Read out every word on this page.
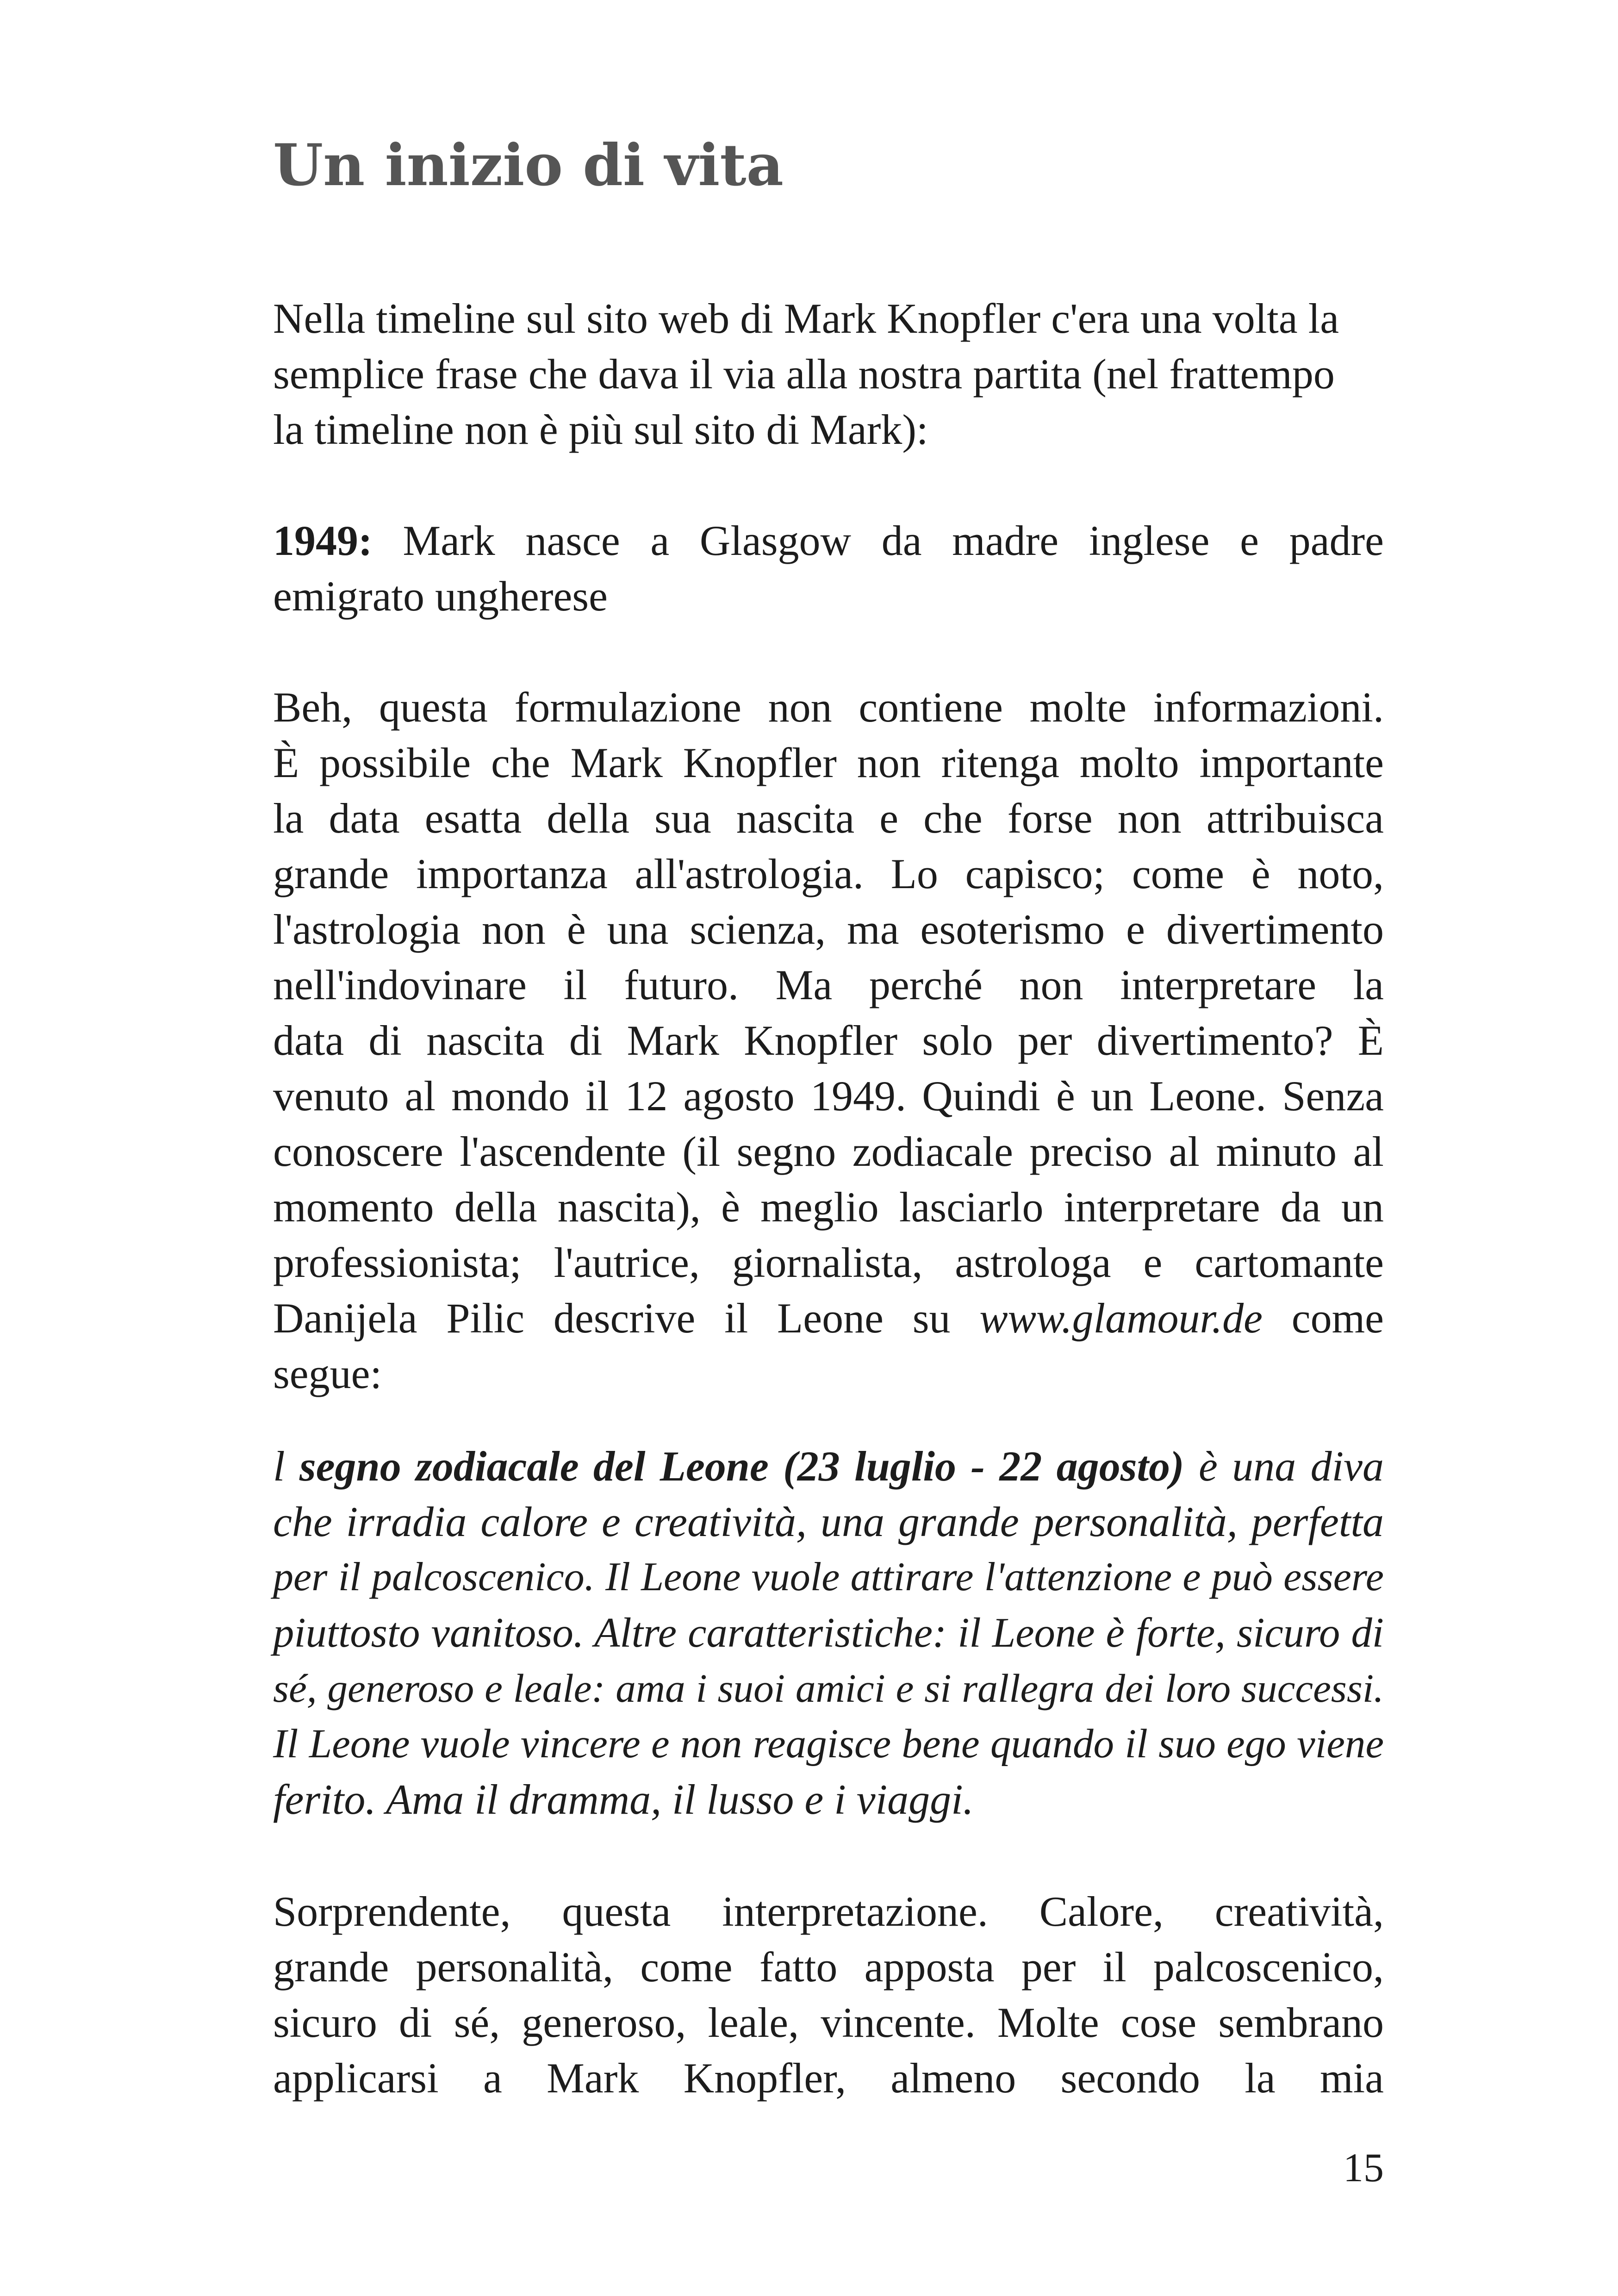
Un inizio di vita

Nella timeline sul sito web di Mark Knopfler c'era una volta la
semplice frase che dava il via alla nostra partita (nel frattempo
la timeline non è più sul sito di Mark):

1949: Mark nasce a Glasgow da madre inglese e padre
emigrato ungherese

Beh, questa formulazione non contiene molte informazioni.
È possibile che Mark Knopfler non ritenga molto importante
la data esatta della sua nascita e che forse non attribuisca
grande importanza all'astrologia. Lo capisco; come è noto,
l'astrologia non è una scienza, ma esoterismo e divertimento
nell'indovinare il futuro. Ma perché non interpretare la
data di nascita di Mark Knopfler solo per divertimento? È
venuto al mondo il 12 agosto 1949. Quindi è un Leone. Senza
conoscere l'ascendente (il segno zodiacale preciso al minuto al
momento della nascita), è meglio lasciarlo interpretare da un
professionista; l'autrice, giornalista, astrologa e cartomante
Danijela Pilic descrive il Leone su www.glamour.de come
segue:

l segno zodiacale del Leone (23 luglio - 22 agosto) è una diva
che irradia calore e creatività, una grande personalità, perfetta
per il palcoscenico. Il Leone vuole attirare l'attenzione e può essere
piuttosto vanitoso. Altre caratteristiche: il Leone è forte, sicuro di
sé, generoso e leale: ama i suoi amici e si rallegra dei loro successi.
Il Leone vuole vincere e non reagisce bene quando il suo ego viene
ferito. Ama il dramma, il lusso e i viaggi.

Sorprendente, questa interpretazione. Calore, creatività,
grande personalità, come fatto apposta per il palcoscenico,
sicuro di sé, generoso, leale, vincente. Molte cose sembrano
applicarsi a Mark Knopfler, almeno secondo la mia

15
